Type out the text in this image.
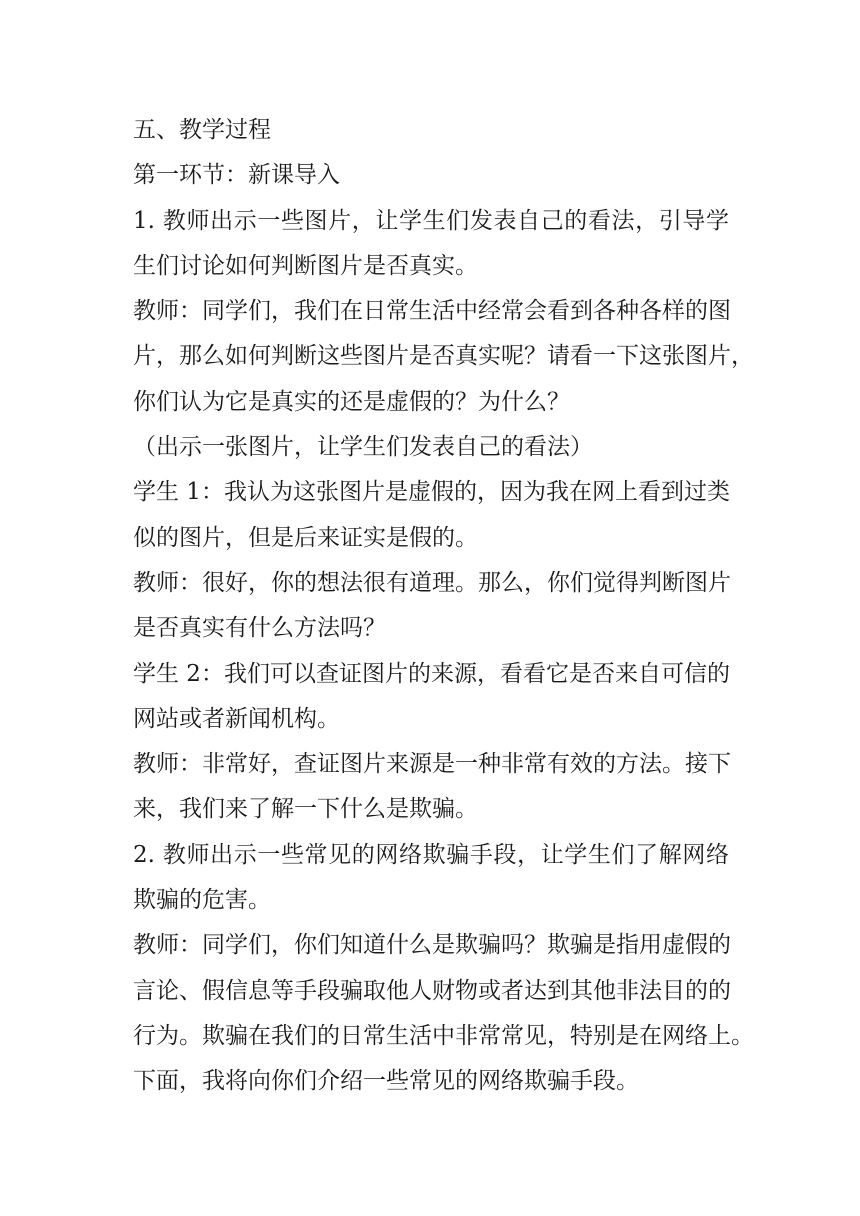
五、教学过程
第一环节：新课导入
1. 教师出示一些图片，让学生们发表自己的看法，引导学
生们讨论如何判断图片是否真实。
教师：同学们，我们在日常生活中经常会看到各种各样的图
片，那么如何判断这些图片是否真实呢？请看一下这张图片，
你们认为它是真实的还是虚假的？为什么？
（出示一张图片，让学生们发表自己的看法）
学生 1：我认为这张图片是虚假的，因为我在网上看到过类
似的图片，但是后来证实是假的。
教师：很好，你的想法很有道理。那么，你们觉得判断图片
是否真实有什么方法吗？
学生 2：我们可以查证图片的来源，看看它是否来自可信的
网站或者新闻机构。
教师：非常好，查证图片来源是一种非常有效的方法。接下
来，我们来了解一下什么是欺骗。
2. 教师出示一些常见的网络欺骗手段，让学生们了解网络
欺骗的危害。
教师：同学们，你们知道什么是欺骗吗？欺骗是指用虚假的
言论、假信息等手段骗取他人财物或者达到其他非法目的的
行为。欺骗在我们的日常生活中非常常见，特别是在网络上。
下面，我将向你们介绍一些常见的网络欺骗手段。
